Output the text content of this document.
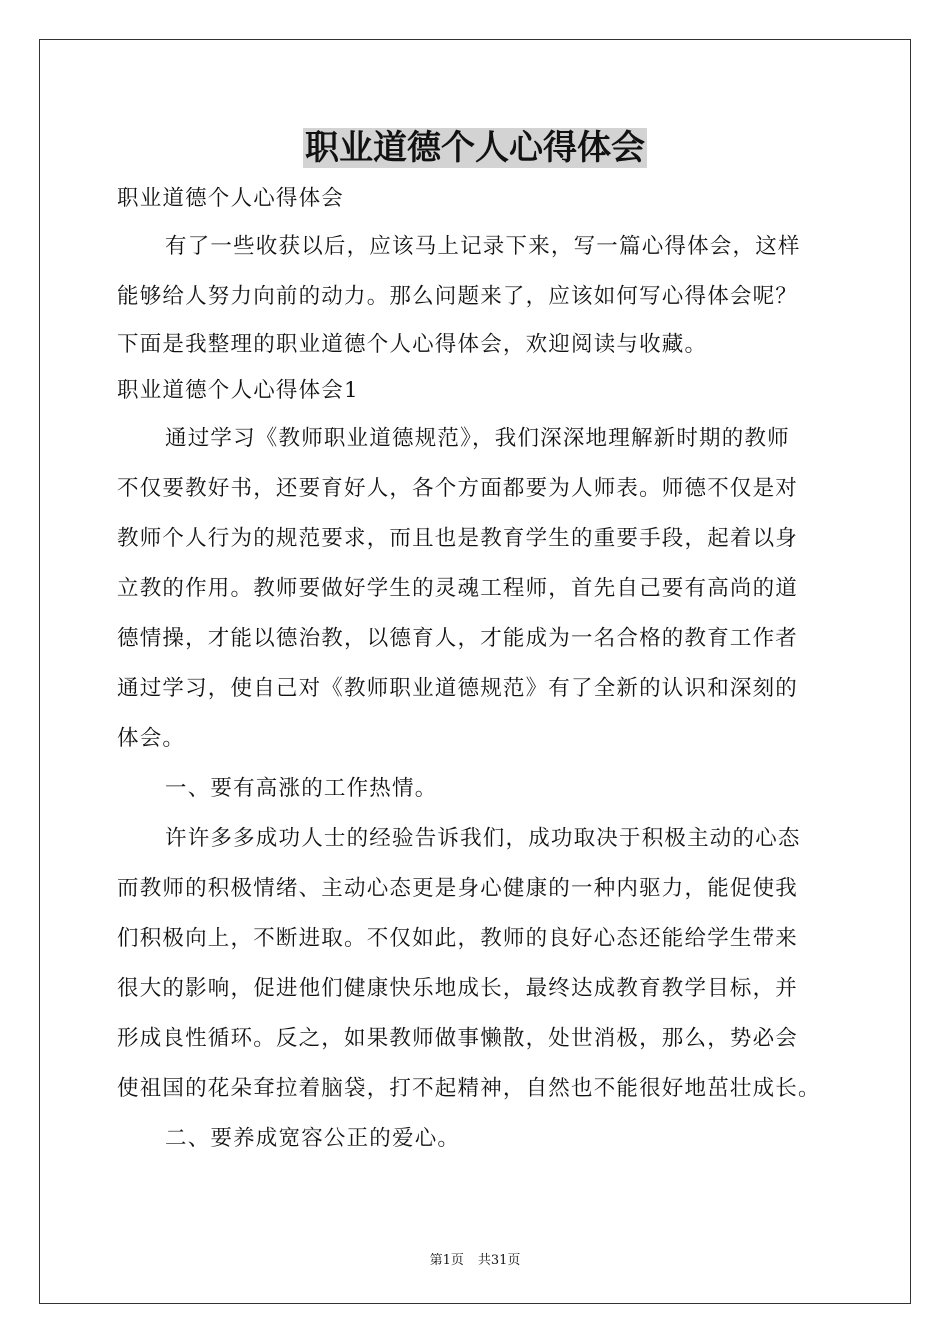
职业道德个人心得体会
职业道德个人心得体会
有了一些收获以后，应该马上记录下来，写一篇心得体会，这样
能够给人努力向前的动力。那么问题来了，应该如何写心得体会呢？
下面是我整理的职业道德个人心得体会，欢迎阅读与收藏。
职业道德个人心得体会1
通过学习《教师职业道德规范》，我们深深地理解新时期的教师
不仅要教好书，还要育好人，各个方面都要为人师表。师德不仅是对
教师个人行为的规范要求，而且也是教育学生的重要手段，起着以身
立教的作用。教师要做好学生的灵魂工程师，首先自己要有高尚的道
德情操，才能以德治教，以德育人，才能成为一名合格的教育工作者
通过学习，使自己对《教师职业道德规范》有了全新的认识和深刻的
体会。
一、要有高涨的工作热情。
许许多多成功人士的经验告诉我们，成功取决于积极主动的心态
而教师的积极情绪、主动心态更是身心健康的一种内驱力，能促使我
们积极向上，不断进取。不仅如此，教师的良好心态还能给学生带来
很大的影响，促进他们健康快乐地成长，最终达成教育教学目标，并
形成良性循环。反之，如果教师做事懒散，处世消极，那么，势必会
使祖国的花朵耷拉着脑袋，打不起精神，自然也不能很好地茁壮成长。
二、要养成宽容公正的爱心。
第1页 共31页
